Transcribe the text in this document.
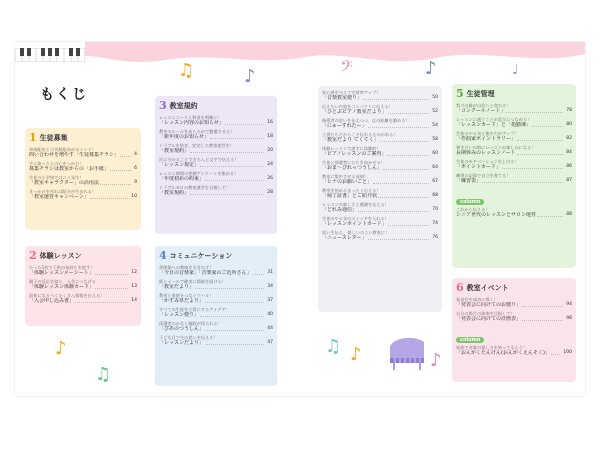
もくじ
♫	♪	𝄢	♪	♩
♪
♫
♫ ♪	♪
1 生徒募集
単純配布と日刊紙配布がポイント！
問い合わせを増やす「生徒募集チラシ」	4
手に取った人の心をつかむ！
募集チラシは教室からの「お手紙」	6
生徒の小学校で口コミ発生！
「教室キャラクター」の活用法	9
きっかけを作れば紹介が生まれる！
「教室運営キャンペーン」	10
2 体験レッスン
たった1枚で子供の気持ちを促す！
「体験レッスンメーシート」	12
親子の反応を知り、入会につなげる
「体験レッスン体験カード」	13
最初になるべくたくさん情報を伝える！
「入会申し込み書」	14
3 教室規約
レッスンコースと料金を明確に！
「レッスン内容のお知らせ」	16
教室のルールをあらためて整備させる！
「新年度のお知らせ」	18
トラブルを防ぎ、安定した教室運営を！
「教室規約」	20
次に分かることできちんと文字で伝える！
「レッスン規定」	24
レッスン時間の把握アンケートを集める！
「年度初めの約束」	26
トラブルゼロの教室運営を目指して！
「教室規約」	28
4 コミュニケーション
季節節への興味を引き出す！
「今日の音楽家」「音楽家のご近所さん」	31
紙とメールで確実に情報を届ける！
「教室だより」	34
教室と家庭をつなぐツール！
「かすみ草だより」	37
すべての生徒を立役にするアイデア！
「レッスン便り」	40
保護者のかなと親睦が得られる！
「ぴあのつうしん」	44
子ども目で生の思いを伝える！
「レッスンだより」	47
安心感を与えて定着率アップ！
「音楽教室便り」	50
伝えたい内容をコンパクトに伝える！
「ひとぷピアノ教室だより」	52
指導者の思いを伝えつつ、広の距離を縮める！
「にゅーすれたー」	54
子供たちだからこそ伝わるものがある！
「教室だより てくてく」	58
体験レッスンで課すに体験的！
「ピアノレッスンのご案内」	60
生徒と保護者にたちを向かせる！
「おま〜ぴれっつうしん」	64
教室に集中させる深刻！
「ヒナのお願いごと」	67
教室を始めるまったく伝える！
「帰了証書」とご紹介状	68
レッスンの楽しさと感謝を伝える！
「どれみ通信」	70
生徒のやる気のスイッチを入れる！
「レッスンポイントカード」	74
短い生伝え、楽しいのよい教室に！
「ニュースレター」	76
5 生徒管理
努力の跡が自信へと変わる！
「コンクールノート」	78
レッスンに通うことが喜びにつながる！
「レッスンカード」と「指勤簿」	80
生徒のやる気と集中力がアップ！
「作曲家ポイントラリー」	82
弾き合いの時にレッスンが楽しみになる！
長期休みのレッスンノート	84
生徒のモチベーションを上げる！
「ポイントカード」	86
練習の記録で自立を育てる！
「練習表」	87
column
これから伝える！
シニア世代のレッスンとサロン運営	88
6 教室イベント
発表会を成功に導く！
「発表会に向けてのお便り」	94
自分の都合の演奏を目指して！
「発表会に向けての計画表」	98
column
家族で音楽の楽しさを知ってもらう！
「おんがくたんけん(おんがくえんそく)」	100
